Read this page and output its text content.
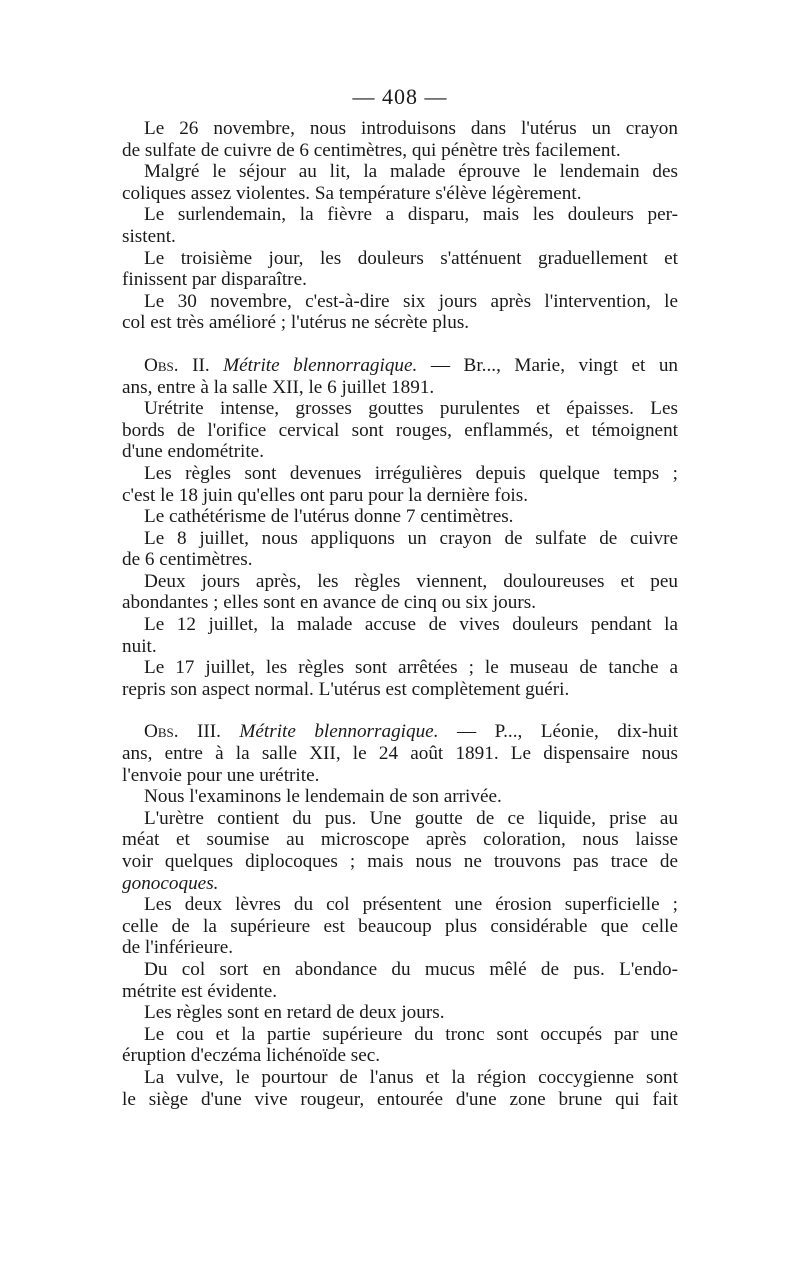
— 408 —
Le 26 novembre, nous introduisons dans l'utérus un crayon
de sulfate de cuivre de 6 centimètres, qui pénètre très facilement.
Malgré le séjour au lit, la malade éprouve le lendemain des
coliques assez violentes. Sa température s'élève légèrement.
Le surlendemain, la fièvre a disparu, mais les douleurs per-
sistent.
Le troisième jour, les douleurs s'atténuent graduellement et
finissent par disparaître.
Le 30 novembre, c'est-à-dire six jours après l'intervention, le
col est très amélioré ; l'utérus ne sécrète plus.
Obs. II. Métrite blennorragique. — Br..., Marie, vingt et un
ans, entre à la salle XII, le 6 juillet 1891.
Urétrite intense, grosses gouttes purulentes et épaisses. Les
bords de l'orifice cervical sont rouges, enflammés, et témoignent
d'une endométrite.
Les règles sont devenues irrégulières depuis quelque temps ;
c'est le 18 juin qu'elles ont paru pour la dernière fois.
Le cathétérisme de l'utérus donne 7 centimètres.
Le 8 juillet, nous appliquons un crayon de sulfate de cuivre
de 6 centimètres.
Deux jours après, les règles viennent, douloureuses et peu
abondantes ; elles sont en avance de cinq ou six jours.
Le 12 juillet, la malade accuse de vives douleurs pendant la
nuit.
Le 17 juillet, les règles sont arrêtées ; le museau de tanche a
repris son aspect normal. L'utérus est complètement guéri.
Obs. III. Métrite blennorragique. — P..., Léonie, dix-huit
ans, entre à la salle XII, le 24 août 1891. Le dispensaire nous
l'envoie pour une urétrite.
Nous l'examinons le lendemain de son arrivée.
L'urètre contient du pus. Une goutte de ce liquide, prise au
méat et soumise au microscope après coloration, nous laisse
voir quelques diplocoques ; mais nous ne trouvons pas trace de
gonocoques.
Les deux lèvres du col présentent une érosion superficielle ;
celle de la supérieure est beaucoup plus considérable que celle
de l'inférieure.
Du col sort en abondance du mucus mêlé de pus. L'endo-
métrite est évidente.
Les règles sont en retard de deux jours.
Le cou et la partie supérieure du tronc sont occupés par une
éruption d'eczéma lichénoïde sec.
La vulve, le pourtour de l'anus et la région coccygienne sont
le siège d'une vive rougeur, entourée d'une zone brune qui fait
